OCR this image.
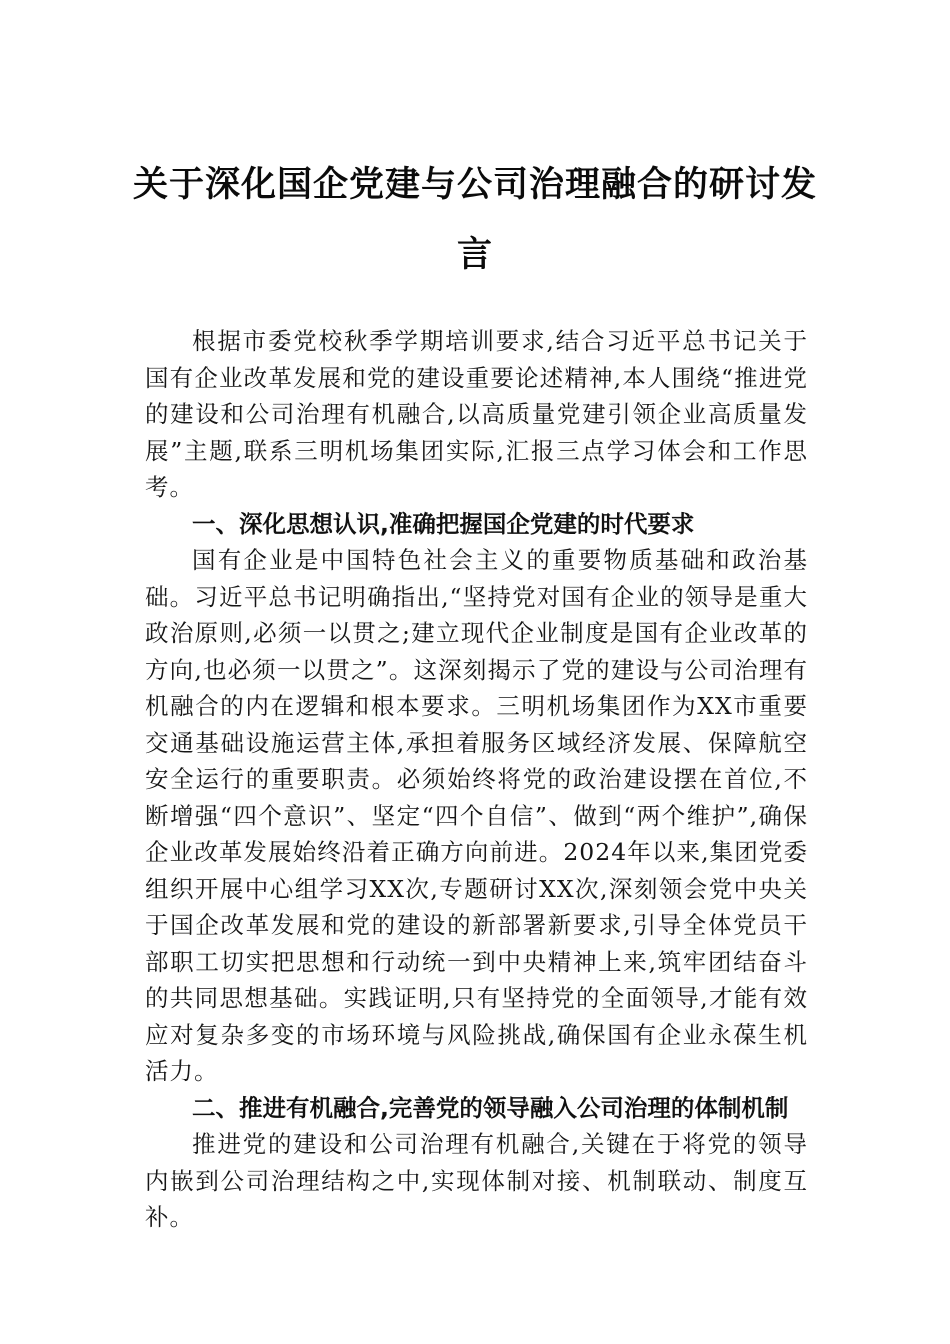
关于深化国企党建与公司治理融合的研讨发言

根据市委党校秋季学期培训要求,结合习近平总书记关于国有企业改革发展和党的建设重要论述精神,本人围绕“推进党的建设和公司治理有机融合,以高质量党建引领企业高质量发展”主题,联系三明机场集团实际,汇报三点学习体会和工作思考。

一、深化思想认识,准确把握国企党建的时代要求

国有企业是中国特色社会主义的重要物质基础和政治基础。习近平总书记明确指出,“坚持党对国有企业的领导是重大政治原则,必须一以贯之;建立现代企业制度是国有企业改革的方向,也必须一以贯之”。这深刻揭示了党的建设与公司治理有机融合的内在逻辑和根本要求。三明机场集团作为XX市重要交通基础设施运营主体,承担着服务区域经济发展、保障航空安全运行的重要职责。必须始终将党的政治建设摆在首位,不断增强“四个意识”、坚定“四个自信”、做到“两个维护”,确保企业改革发展始终沿着正确方向前进。2024年以来,集团党委组织开展中心组学习XX次,专题研讨XX次,深刻领会党中央关于国企改革发展和党的建设的新部署新要求,引导全体党员干部职工切实把思想和行动统一到中央精神上来,筑牢团结奋斗的共同思想基础。实践证明,只有坚持党的全面领导,才能有效应对复杂多变的市场环境与风险挑战,确保国有企业永葆生机活力。

二、推进有机融合,完善党的领导融入公司治理的体制机制

推进党的建设和公司治理有机融合,关键在于将党的领导内嵌到公司治理结构之中,实现体制对接、机制联动、制度互补。
